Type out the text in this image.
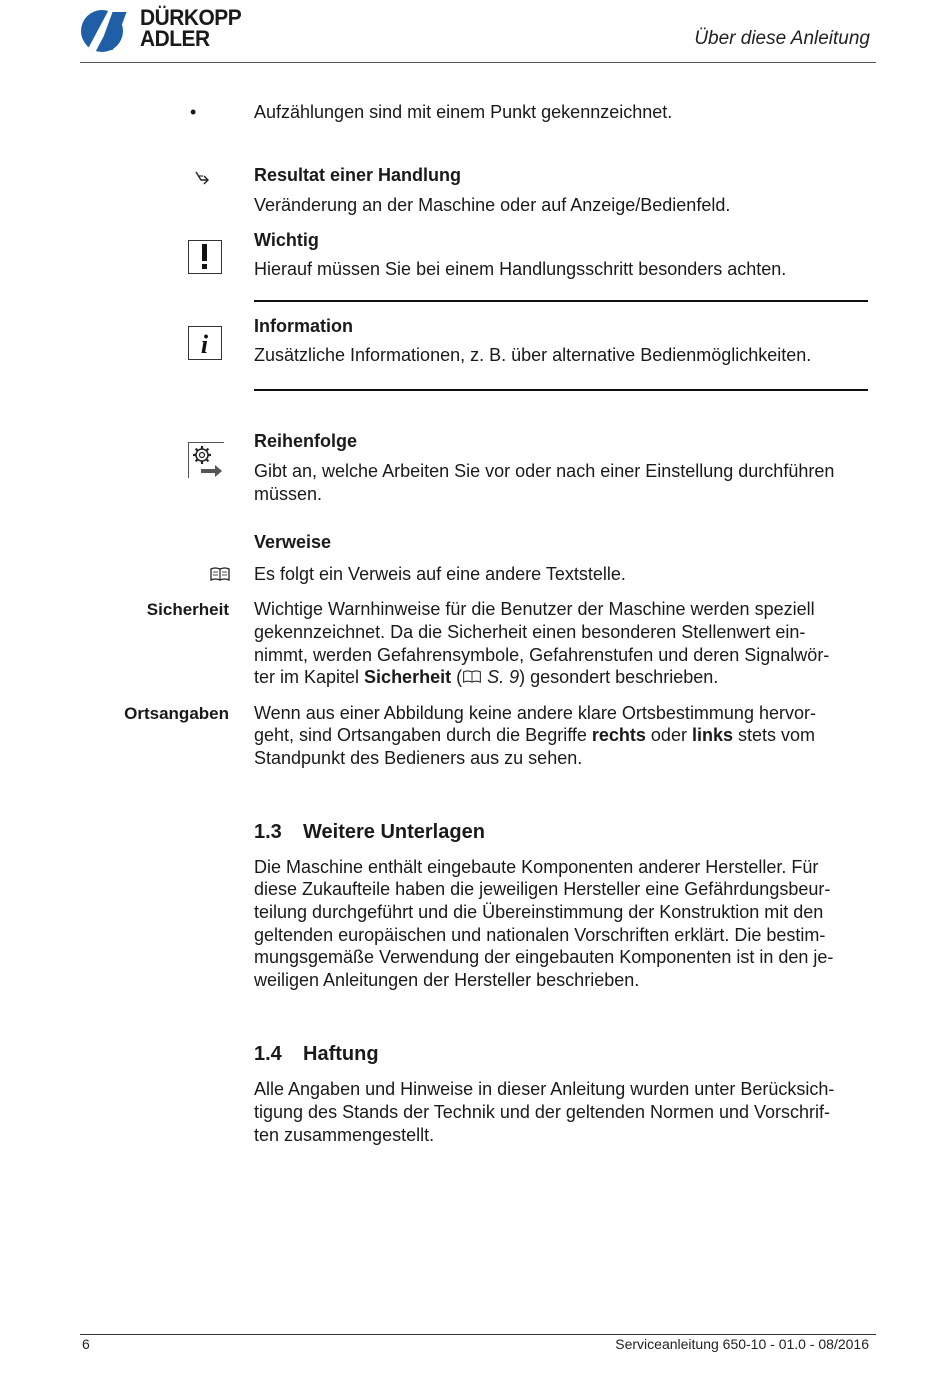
DÜRKOPP
ADLER	Über diese Anleitung
•	Aufzählungen sind mit einem Punkt gekennzeichnet.
Resultat einer Handlung
Veränderung an der Maschine oder auf Anzeige/Bedienfeld.
Wichtig
Hierauf müssen Sie bei einem Handlungsschritt besonders achten.
i
Information
Zusätzliche Informationen, z. B. über alternative Bedienmöglichkeiten.
Reihenfolge
Gibt an, welche Arbeiten Sie vor oder nach einer Einstellung durchführen
müssen.
Verweise
Es folgt ein Verweis auf eine andere Textstelle.
Sicherheit Wichtige Warnhinweise für die Benutzer der Maschine werden speziell
gekennzeichnet. Da die Sicherheit einen besonderen Stellenwert ein-
nimmt, werden Gefahrensymbole, Gefahrenstufen und deren Signalwör-
ter im Kapitel Sicherheit ( S. 9) gesondert beschrieben.
Ortsangaben Wenn aus einer Abbildung keine andere klare Ortsbestimmung hervor-
geht, sind Ortsangaben durch die Begriffe rechts oder links stets vom
Standpunkt des Bedieners aus zu sehen.
1.3 Weitere Unterlagen
Die Maschine enthält eingebaute Komponenten anderer Hersteller. Für
diese Zukaufteile haben die jeweiligen Hersteller eine Gefährdungsbeur-
teilung durchgeführt und die Übereinstimmung der Konstruktion mit den
geltenden europäischen und nationalen Vorschriften erklärt. Die bestim-
mungsgemäße Verwendung der eingebauten Komponenten ist in den je-
weiligen Anleitungen der Hersteller beschrieben.
1.4 Haftung
Alle Angaben und Hinweise in dieser Anleitung wurden unter Berücksich-
tigung des Stands der Technik und der geltenden Normen und Vorschrif-
ten zusammengestellt.
6	Serviceanleitung 650-10 - 01.0 - 08/2016
